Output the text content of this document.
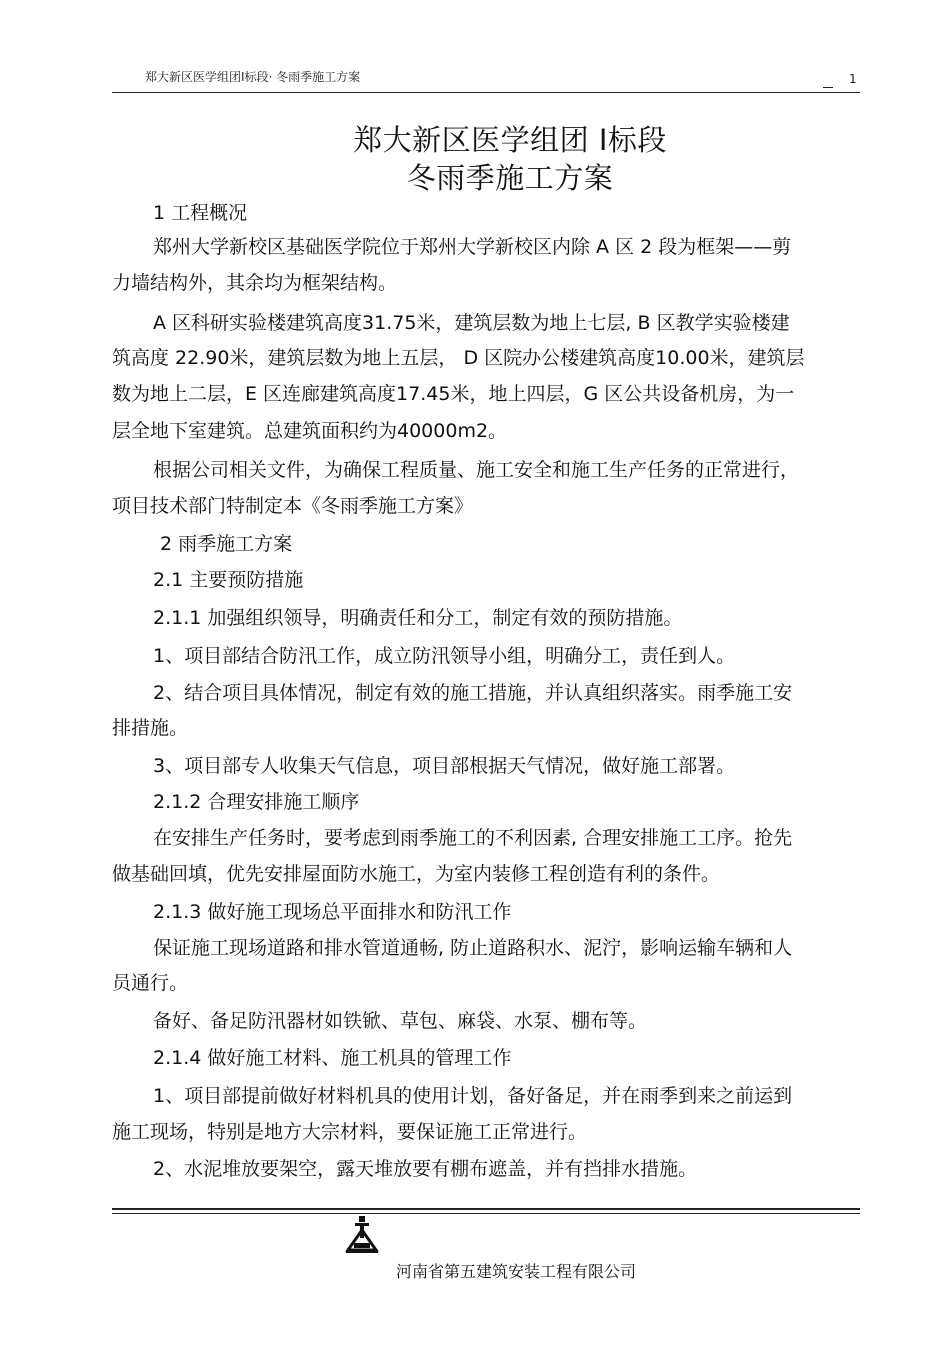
郑大新区医学组团Ⅰ标段· 冬雨季施工方案	1
郑大新区医学组团 Ⅰ标段
冬雨季施工方案
1 工程概况
郑州大学新校区基础医学院位于郑州大学新校区内除 A 区 2 段为框架——剪
力墙结构外，其余均为框架结构。
A 区科研实验楼建筑高度31.75米，建筑层数为地上七层, B 区教学实验楼建
筑高度 22.90米，建筑层数为地上五层， D 区院办公楼建筑高度10.00米，建筑层
数为地上二层，E 区连廊建筑高度17.45米，地上四层，G 区公共设备机房，为一
层全地下室建筑。总建筑面积约为40000m2。
根据公司相关文件，为确保工程质量、施工安全和施工生产任务的正常进行，
项目技术部门特制定本《冬雨季施工方案》
2 雨季施工方案
2.1 主要预防措施
2.1.1 加强组织领导，明确责任和分工，制定有效的预防措施。
1、项目部结合防汛工作，成立防汛领导小组，明确分工，责任到人。
2、结合项目具体情况，制定有效的施工措施，并认真组织落实。雨季施工安
排措施。
3、项目部专人收集天气信息，项目部根据天气情况，做好施工部署。
2.1.2 合理安排施工顺序
在安排生产任务时，要考虑到雨季施工的不利因素, 合理安排施工工序。抢先
做基础回填，优先安排屋面防水施工，为室内装修工程创造有利的条件。
2.1.3 做好施工现场总平面排水和防汛工作
保证施工现场道路和排水管道通畅, 防止道路积水、泥泞，影响运输车辆和人
员通行。
备好、备足防汛器材如铁锨、草包、麻袋、水泵、棚布等。
2.1.4 做好施工材料、施工机具的管理工作
1、项目部提前做好材料机具的使用计划，备好备足，并在雨季到来之前运到
施工现场，特别是地方大宗材料，要保证施工正常进行。
2、水泥堆放要架空，露天堆放要有棚布遮盖，并有挡排水措施。
河南省第五建筑安装工程有限公司
